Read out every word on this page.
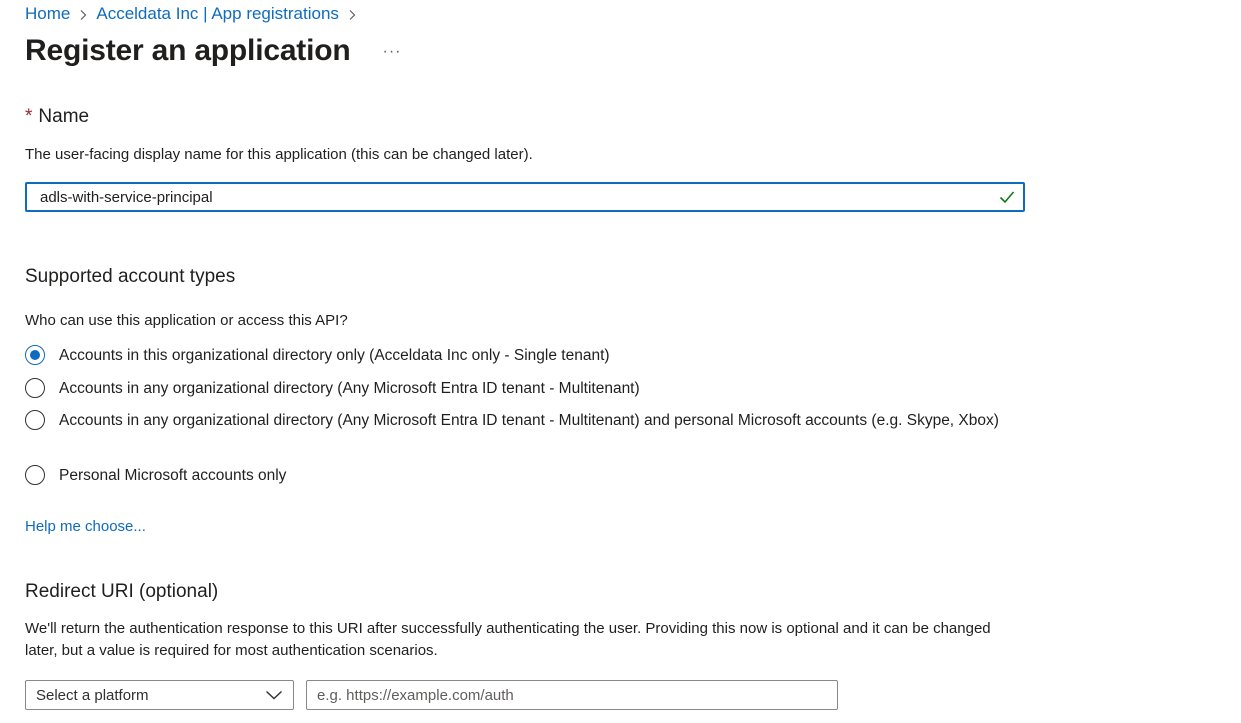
Home Acceldata Inc | App registrations
Register an application ···
* Name

The user-facing display name for this application (this can be changed later).

adls-with-service-principal
Supported account types

Who can use this application or access this API?

Accounts in this organizational directory only (Acceldata Inc only - Single tenant)
Accounts in any organizational directory (Any Microsoft Entra ID tenant - Multitenant)
Accounts in any organizational directory (Any Microsoft Entra ID tenant - Multitenant) and personal Microsoft accounts (e.g. Skype, Xbox)
Personal Microsoft accounts only
Help me choose...
Redirect URI (optional)

We'll return the authentication response to this URI after successfully authenticating the user. Providing this now is optional and it can be changed later, but a value is required for most authentication scenarios.

Select a platform
e.g. https://example.com/auth
